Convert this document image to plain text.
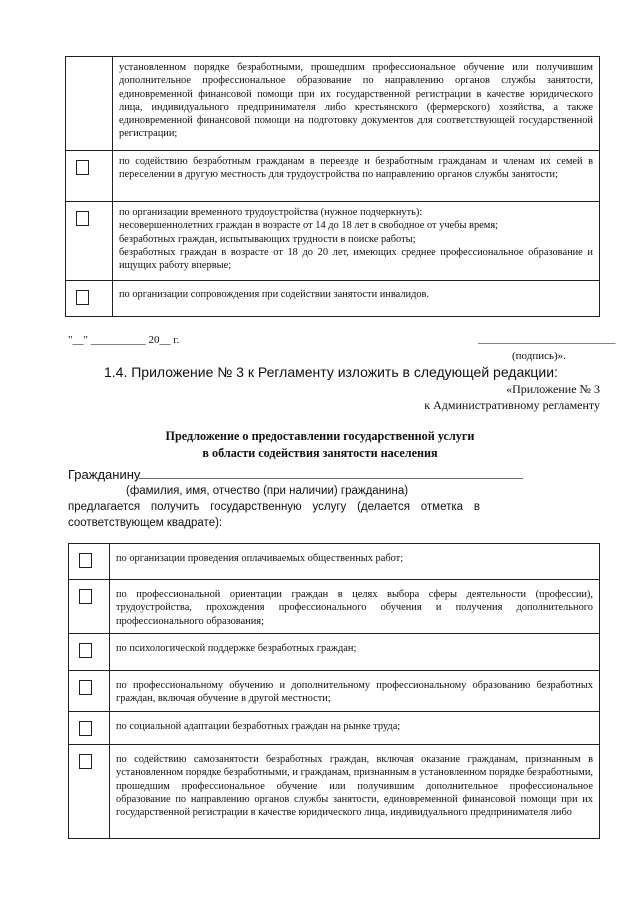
	установленном порядке безработными, прошедшим профессиональное обучение или получившим дополнительное профессиональное образование по направлению органов службы занятости, единовременной финансовой помощи при их государственной регистрации в качестве юридического лица, индивидуального предпринимателя либо крестьянского (фермерского) хозяйства, а также единовременной финансовой помощи на подготовку документов для соответствующей государственной регистрации;

	по содействию безработным гражданам в переезде и безработным гражданам и членам их семей в переселении в другую местность для трудоустройства по направлению органов службы занятости;

	по организации временного трудоустройства (нужное подчеркнуть):
несовершеннолетних граждан в возрасте от 14 до 18 лет в свободное от учебы время;
безработных граждан, испытывающих трудности в поиске работы;
безработных граждан в возрасте от 18 до 20 лет, имеющих среднее профессиональное образование и ищущих работу впервые;

	по организации сопровождения при содействии занятости инвалидов.
"__" __________ 20__ г.	_________________________
(подпись)».
1.4. Приложение № 3 к Регламенту изложить в следующей редакции:
«Приложение № 3
к Административному регламенту
Предложение о предоставлении государственной услуги
в области содействия занятости населения
Гражданину
________________________________________________________________
(фамилия, имя, отчество (при наличии) гражданина)
предлагается получить государственную услугу (делается отметка в
соответствующем квадрате):
	по организации проведения оплачиваемых общественных работ;

	по профессиональной ориентации граждан в целях выбора сферы деятельности (профессии), трудоустройства, прохождения профессионального обучения и получения дополнительного профессионального образования;

	по психологической поддержке безработных граждан;

	по профессиональному обучению и дополнительному профессиональному образованию безработных граждан, включая обучение в другой местности;

	по социальной адаптации безработных граждан на рынке труда;

	по содействию самозанятости безработных граждан, включая оказание гражданам, признанным в установленном порядке безработными, и гражданам, признанным в установленном порядке безработными, прошедшим профессиональное обучение или получившим дополнительное профессиональное образование по направлению органов службы занятости, единовременной финансовой помощи при их государственной регистрации в качестве юридического лица, индивидуального предпринимателя либо
